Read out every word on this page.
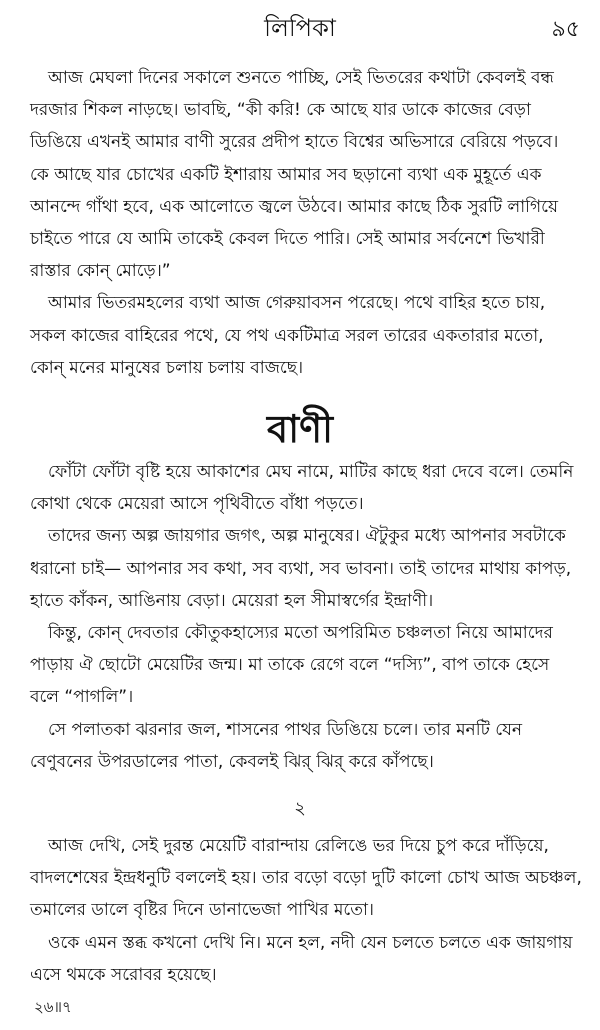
লিপিকা	৯৫

আজ মেঘলা দিনের সকালে শুনতে পাচ্ছি, সেই ভিতরের কথাটা কেবলই বন্ধ দরজার শিকল নাড়ছে। ভাবছি, “কী করি! কে আছে যার ডাকে কাজের বেড়া ডিঙিয়ে এখনই আমার বাণী সুরের প্রদীপ হাতে বিশ্বের অভিসারে বেরিয়ে পড়বে। কে আছে যার চোখের একটি ইশারায় আমার সব ছড়ানো ব্যথা এক মুহূর্তে এক আনন্দে গাঁথা হবে, এক আলোতে জ্বলে উঠবে। আমার কাছে ঠিক সুরটি লাগিয়ে চাইতে পারে যে আমি তাকেই কেবল দিতে পারি। সেই আমার সর্বনেশে ভিখারী রাস্তার কোন্‌ মোড়ে।”

আমার ভিতরমহলের ব্যথা আজ গেরুয়াবসন পরেছে। পথে বাহির হতে চায়, সকল কাজের বাহিরের পথে, যে পথ একটিমাত্র সরল তারের একতারার মতো, কোন্‌ মনের মানুষের চলায় চলায় বাজছে।

বাণী

ফোঁটা ফোঁটা বৃষ্টি হয়ে আকাশের মেঘ নামে, মাটির কাছে ধরা দেবে বলে। তেমনি কোথা থেকে মেয়েরা আসে পৃথিবীতে বাঁধা পড়তে।

তাদের জন্য অল্প জায়গার জগৎ, অল্প মানুষের। ঐটুকুর মধ্যে আপনার সবটাকে ধরানো চাই— আপনার সব কথা, সব ব্যথা, সব ভাবনা। তাই তাদের মাথায় কাপড়, হাতে কাঁকন, আঙিনায় বেড়া। মেয়েরা হল সীমাস্বর্গের ইন্দ্রাণী।

কিন্তু, কোন্‌ দেবতার কৌতুকহাস্যের মতো অপরিমিত চঞ্চলতা নিয়ে আমাদের পাড়ায় ঐ ছোটো মেয়েটির জন্ম। মা তাকে রেগে বলে “দস্যি”, বাপ তাকে হেসে বলে “পাগলি”।

সে পলাতকা ঝরনার জল, শাসনের পাথর ডিঙিয়ে চলে। তার মনটি যেন বেণুবনের উপরডালের পাতা, কেবলই ঝির্‌ ঝির্‌ করে কাঁপছে।

২

আজ দেখি, সেই দুরন্ত মেয়েটি বারান্দায় রেলিঙে ভর দিয়ে চুপ করে দাঁড়িয়ে, বাদলশেষের ইন্দ্রধনুটি বললেই হয়। তার বড়ো বড়ো দুটি কালো চোখ আজ অচঞ্চল, তমালের ডালে বৃষ্টির দিনে ডানাভেজা পাখির মতো।

ওকে এমন স্তব্ধ কখনো দেখি নি। মনে হল, নদী যেন চলতে চলতে এক জায়গায় এসে থমকে সরোবর হয়েছে।

২৬॥৭
